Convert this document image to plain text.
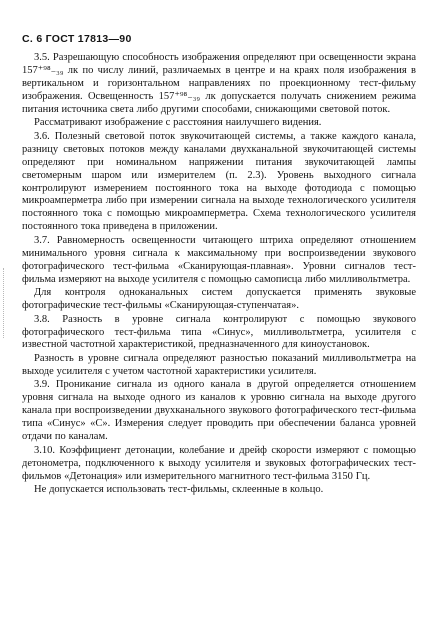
С. 6 ГОСТ 17813—90

3.5. Разрешающую способность изображения определяют при освещенности экрана 157⁺⁹⁸₋₃₉ лк по числу линий, различаемых в центре и на краях поля изображения в вертикальном и горизонтальном направлениях по проекционному тест-фильму изображения. Освещенность 157⁺⁹⁸₋₃₉ лк допускается получать снижением режима питания источника света либо другими способами, снижающими световой поток.

Рассматривают изображение с расстояния наилучшего видения.

3.6. Полезный световой поток звукочитающей системы, а также каждого канала, разницу световых потоков между каналами двухканальной звукочитающей системы определяют при номинальном напряжении питания звукочитающей лампы светомерным шаром или измерителем (п. 2.3). Уровень выходного сигнала контролируют измерением постоянного тока на выходе фотодиода с помощью микроамперметра либо при измерении сигнала на выходе технологического усилителя постоянного тока с помощью микроамперметра. Схема технологического усилителя постоянного тока приведена в приложении.

3.7. Равномерность освещенности читающего штриха определяют отношением минимального уровня сигнала к максимальному при воспроизведении звукового фотографического тест-фильма «Сканирующая-плавная». Уровни сигналов тест-фильма измеряют на выходе усилителя с помощью самописца либо милливольтметра.

Для контроля одноканальных систем допускается применять звуковые фотографические тест-фильмы «Сканирующая-ступенчатая».

3.8. Разность в уровне сигнала контролируют с помощью звукового фотографического тест-фильма типа «Синус», милливольтметра, усилителя с известной частотной характеристикой, предназначенного для киноустановок.

Разность в уровне сигнала определяют разностью показаний милливольтметра на выходе усилителя с учетом частотной характеристики усилителя.

3.9. Проникание сигнала из одного канала в другой определяется отношением уровня сигнала на выходе одного из каналов к уровню сигнала на выходе другого канала при воспроизведении двухканального звукового фотографического тест-фильма типа «Синус» «С». Измерения следует проводить при обеспечении баланса уровней отдачи по каналам.

3.10. Коэффициент детонации, колебание и дрейф скорости измеряют с помощью детонометра, подключенного к выходу усилителя и звуковых фотографических тест-фильмов «Детонация» или измерительного магнитного тест-фильма 3150 Гц.

Не допускается использовать тест-фильмы, склеенные в кольцо.
